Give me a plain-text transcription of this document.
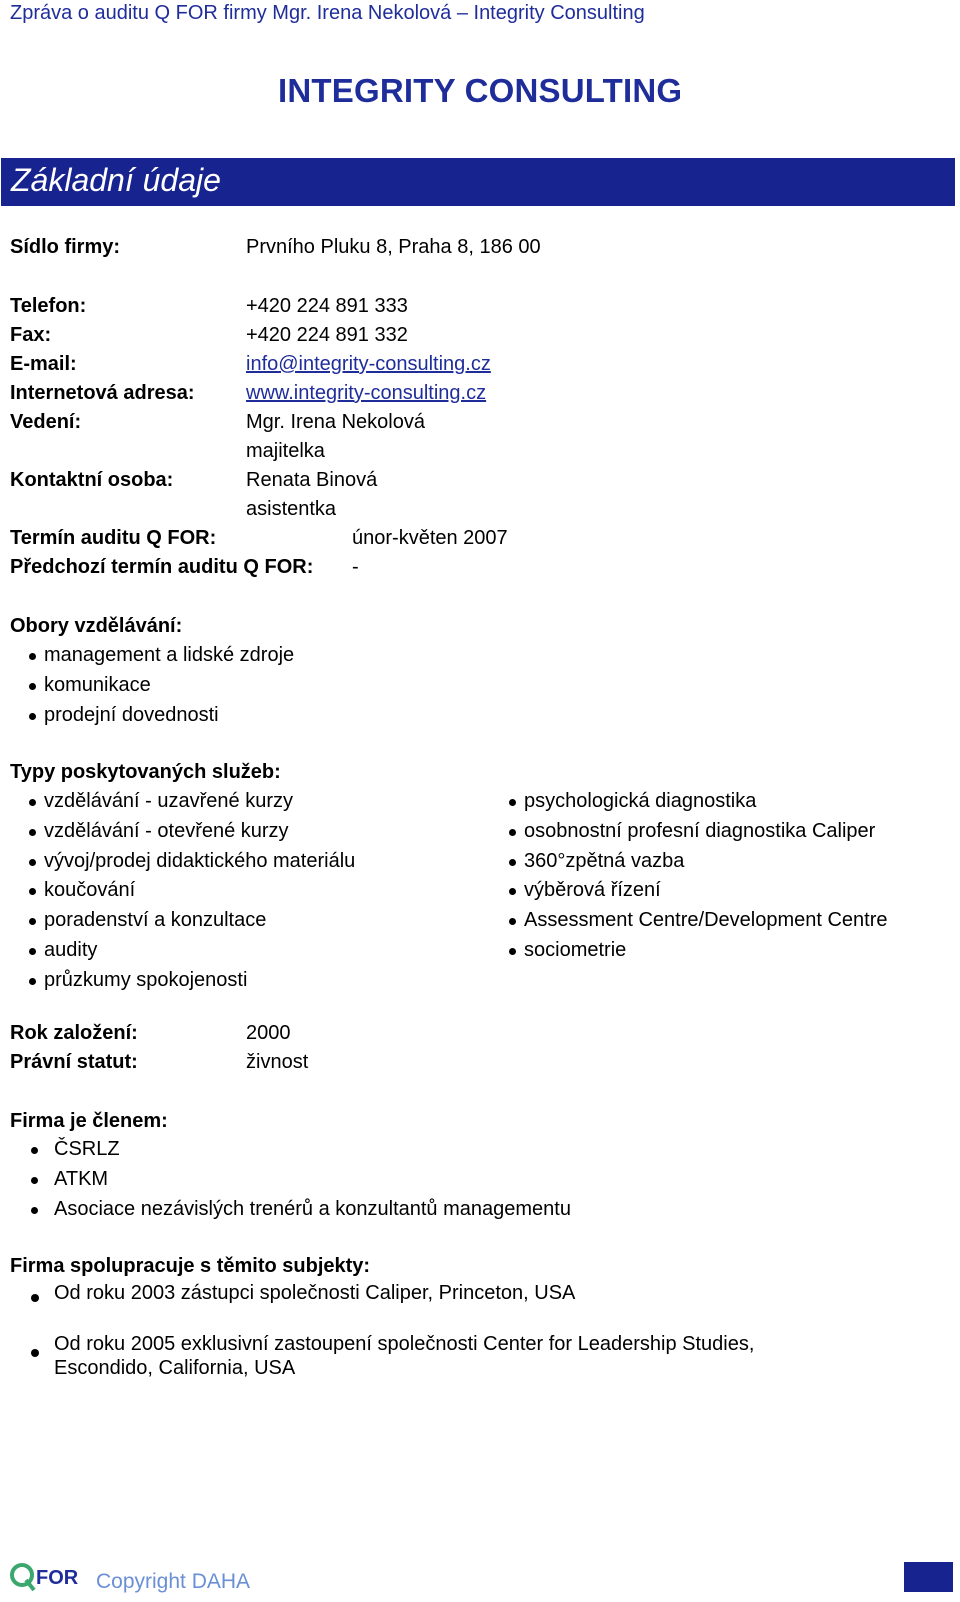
Zpráva o auditu Q FOR firmy Mgr. Irena Nekolová – Integrity Consulting
INTEGRITY CONSULTING
Základní údaje
Sídlo firmy:	Prvního Pluku 8, Praha 8, 186 00
Telefon:	+420 224 891 333
Fax:	+420 224 891 332
E-mail:	info@integrity-consulting.cz
Internetová adresa:	www.integrity-consulting.cz
Vedení:	Mgr. Irena Nekolová
majitelka
Kontaktní osoba:	Renata Binová
asistentka
Termín auditu Q FOR:	únor-květen 2007
Předchozí termín auditu Q FOR: -
Obory vzdělávání:
management a lidské zdroje
komunikace
prodejní dovednosti
Typy poskytovaných služeb:
vzdělávání - uzavřené kurzy
vzdělávání - otevřené kurzy
vývoj/prodej didaktického materiálu
koučování
poradenství a konzultace
audity
průzkumy spokojenosti
psychologická diagnostika
osobnostní profesní diagnostika Caliper
360°zpětná vazba
výběrová řízení
Assessment Centre/Development Centre
sociometrie
Rok založení:	2000
Právní statut:	živnost
Firma je členem:
ČSRLZ
ATKM
Asociace nezávislých trenérů a konzultantů managementu
Firma spolupracuje s těmito subjekty:
Od roku 2003 zástupci společnosti Caliper, Princeton, USA
Od roku 2005 exklusivní zastoupení společnosti Center for Leadership Studies, Escondido, California, USA
FOR Copyright DAHA
